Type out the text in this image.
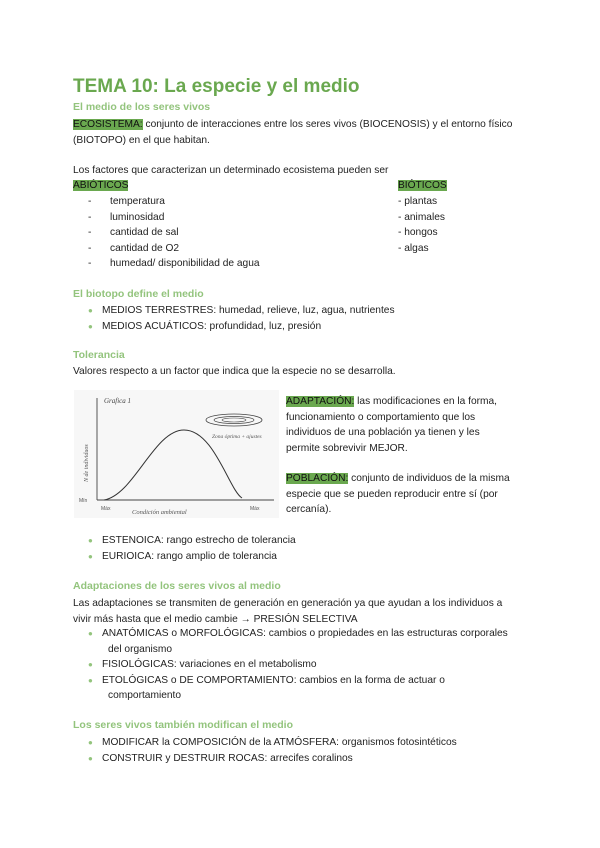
TEMA 10: La especie y el medio
El medio de los seres vivos
ECOSISTEMA: conjunto de interacciones entre los seres vivos (BIOCENOSIS) y el entorno físico
(BIOTOPO) en el que habitan.
Los factores que caracterizan un determinado ecosistema pueden ser
ABIÓTICOS	BIÓTICOS
- temperatura
- luminosidad
- cantidad de sal
- cantidad de O2
- humedad/ disponibilidad de agua
- plantas
- animales
- hongos
- algas
El biotopo define el medio
● MEDIOS TERRESTRES: humedad, relieve, luz, agua, nutrientes
● MEDIOS ACUÁTICOS: profundidad, luz, presión
Tolerancia
Valores respecto a un factor que indica que la especie no se desarrolla.
Grafica 1
N de individuos
Condición ambiental
Mín
Máx	Máx
Zona óptima + ajustes
ADAPTACIÓN: las modificaciones en la forma,
funcionamiento o comportamiento que los
individuos de una población ya tienen y les
permite sobrevivir MEJOR.
POBLACIÓN: conjunto de individuos de la misma
especie que se pueden reproducir entre sí (por
cercanía).
● ESTENOICA: rango estrecho de tolerancia
● EURIOICA: rango amplio de tolerancia
Adaptaciones de los seres vivos al medio
Las adaptaciones se transmiten de generación en generación ya que ayudan a los individuos a
vivir más hasta que el medio cambie → PRESIÓN SELECTIVA
● ANATÓMICAS o MORFOLÓGICAS: cambios o propiedades en las estructuras corporales
del organismo
● FISIOLÓGICAS: variaciones en el metabolismo
● ETOLÓGICAS o DE COMPORTAMIENTO: cambios en la forma de actuar o
comportamiento
Los seres vivos también modifican el medio
● MODIFICAR la COMPOSICIÓN de la ATMÓSFERA: organismos fotosintéticos
● CONSTRUIR y DESTRUIR ROCAS: arrecifes coralinos
